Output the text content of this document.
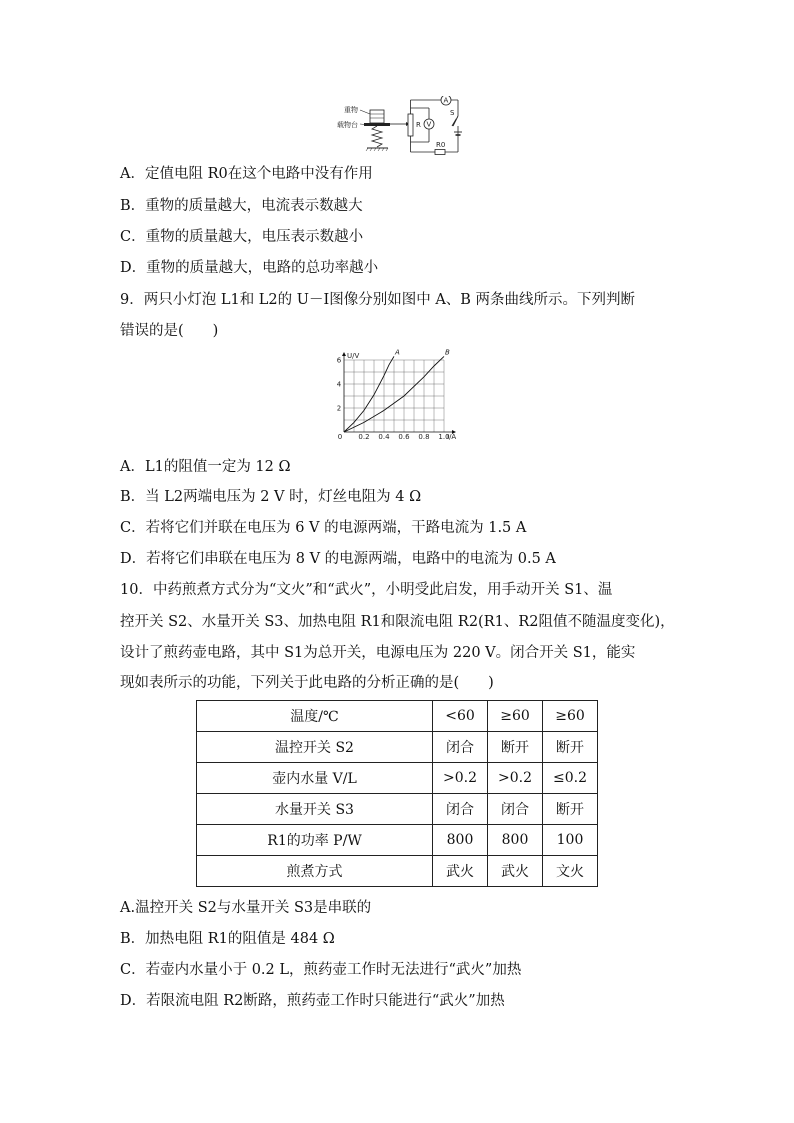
重物
载物台	R V
A
S
R0
A．定值电阻 R0在这个电路中没有作用
B．重物的质量越大，电流表示数越大
C．重物的质量越大，电压表示数越小
D．重物的质量越大，电路的总功率越小
9．两只小灯泡 L1和 L2的 U－I图像分别如图中 A、B 两条曲线所示。下列判断
错误的是(　　)
U/V
I/A
0 0.2 0.4 0.6 0.8 1.0
2
4
6
A	B
A．L1的阻值一定为 12 Ω
B．当 L2两端电压为 2 V 时，灯丝电阻为 4 Ω
C．若将它们并联在电压为 6 V 的电源两端，干路电流为 1.5 A
D．若将它们串联在电压为 8 V 的电源两端，电路中的电流为 0.5 A
10．中药煎煮方式分为“文火”和“武火”，小明受此启发，用手动开关 S1、温
控开关 S2、水量开关 S3、加热电阻 R1和限流电阻 R2(R1、R2阻值不随温度变化)，
设计了煎药壶电路，其中 S1为总开关，电源电压为 220 V。闭合开关 S1，能实
现如表所示的功能，下列关于此电路的分析正确的是(　　)
温度/℃	<60	≥60	≥60
温控开关 S2	闭合	断开	断开
壶内水量 V/L	>0.2	>0.2	≤0.2
水量开关 S3	闭合	闭合	断开
R1的功率 P/W	800	800	100
煎煮方式	武火	武火	文火
A.温控开关 S2与水量开关 S3是串联的
B．加热电阻 R1的阻值是 484 Ω
C．若壶内水量小于 0.2 L，煎药壶工作时无法进行“武火”加热
D．若限流电阻 R2断路，煎药壶工作时只能进行“武火”加热
